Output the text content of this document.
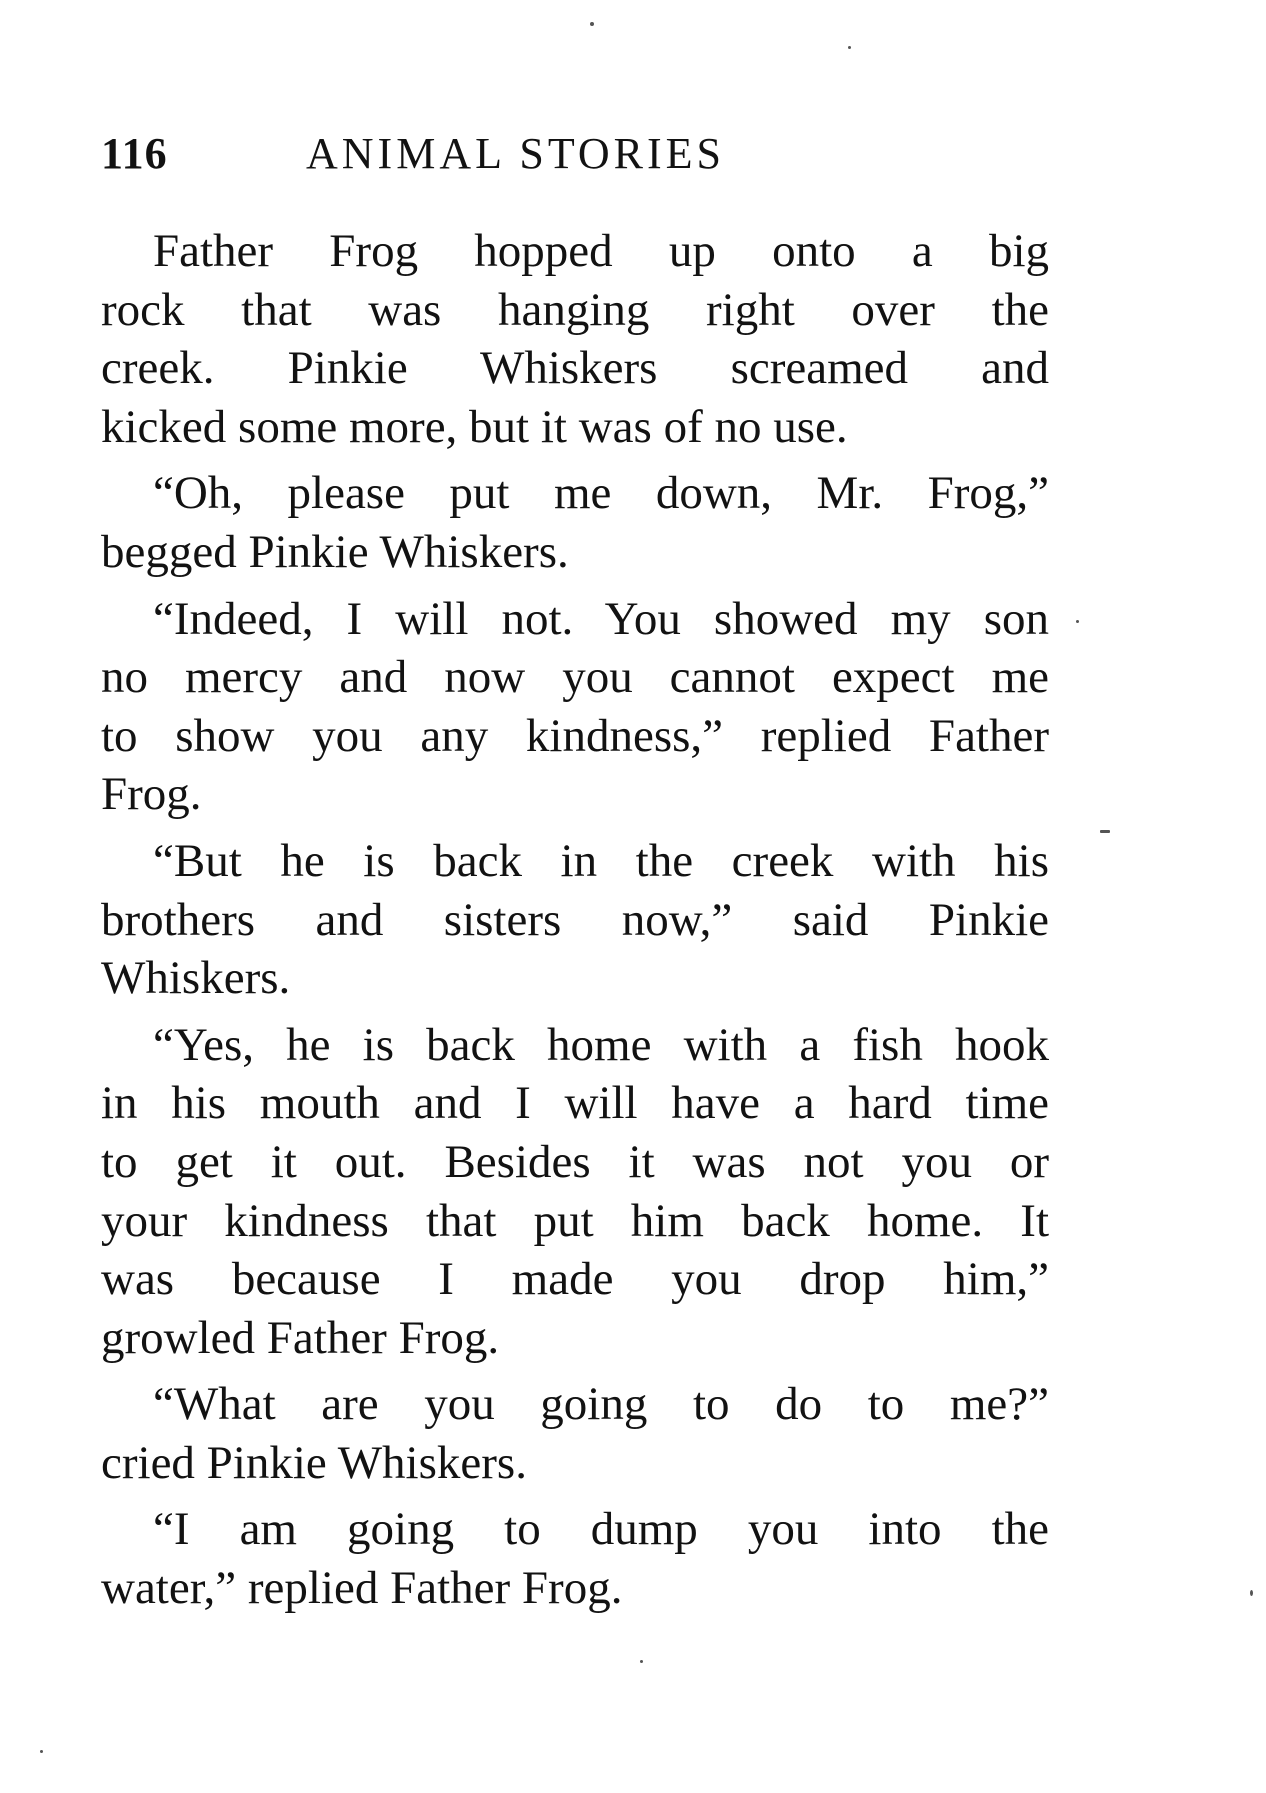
116	ANIMAL STORIES

Father Frog hopped up onto a big
rock that was hanging right over the
creek. Pinkie Whiskers screamed and
kicked some more, but it was of no use.

“Oh, please put me down, Mr. Frog,”
begged Pinkie Whiskers.

“Indeed, I will not. You showed my son
no mercy and now you cannot expect me
to show you any kindness,” replied Father
Frog.

“But he is back in the creek with his
brothers and sisters now,” said Pinkie
Whiskers.

“Yes, he is back home with a fish hook
in his mouth and I will have a hard time
to get it out. Besides it was not you or
your kindness that put him back home. It
was because I made you drop him,”
growled Father Frog.

“What are you going to do to me?”
cried Pinkie Whiskers.

“I am going to dump you into the
water,” replied Father Frog.
